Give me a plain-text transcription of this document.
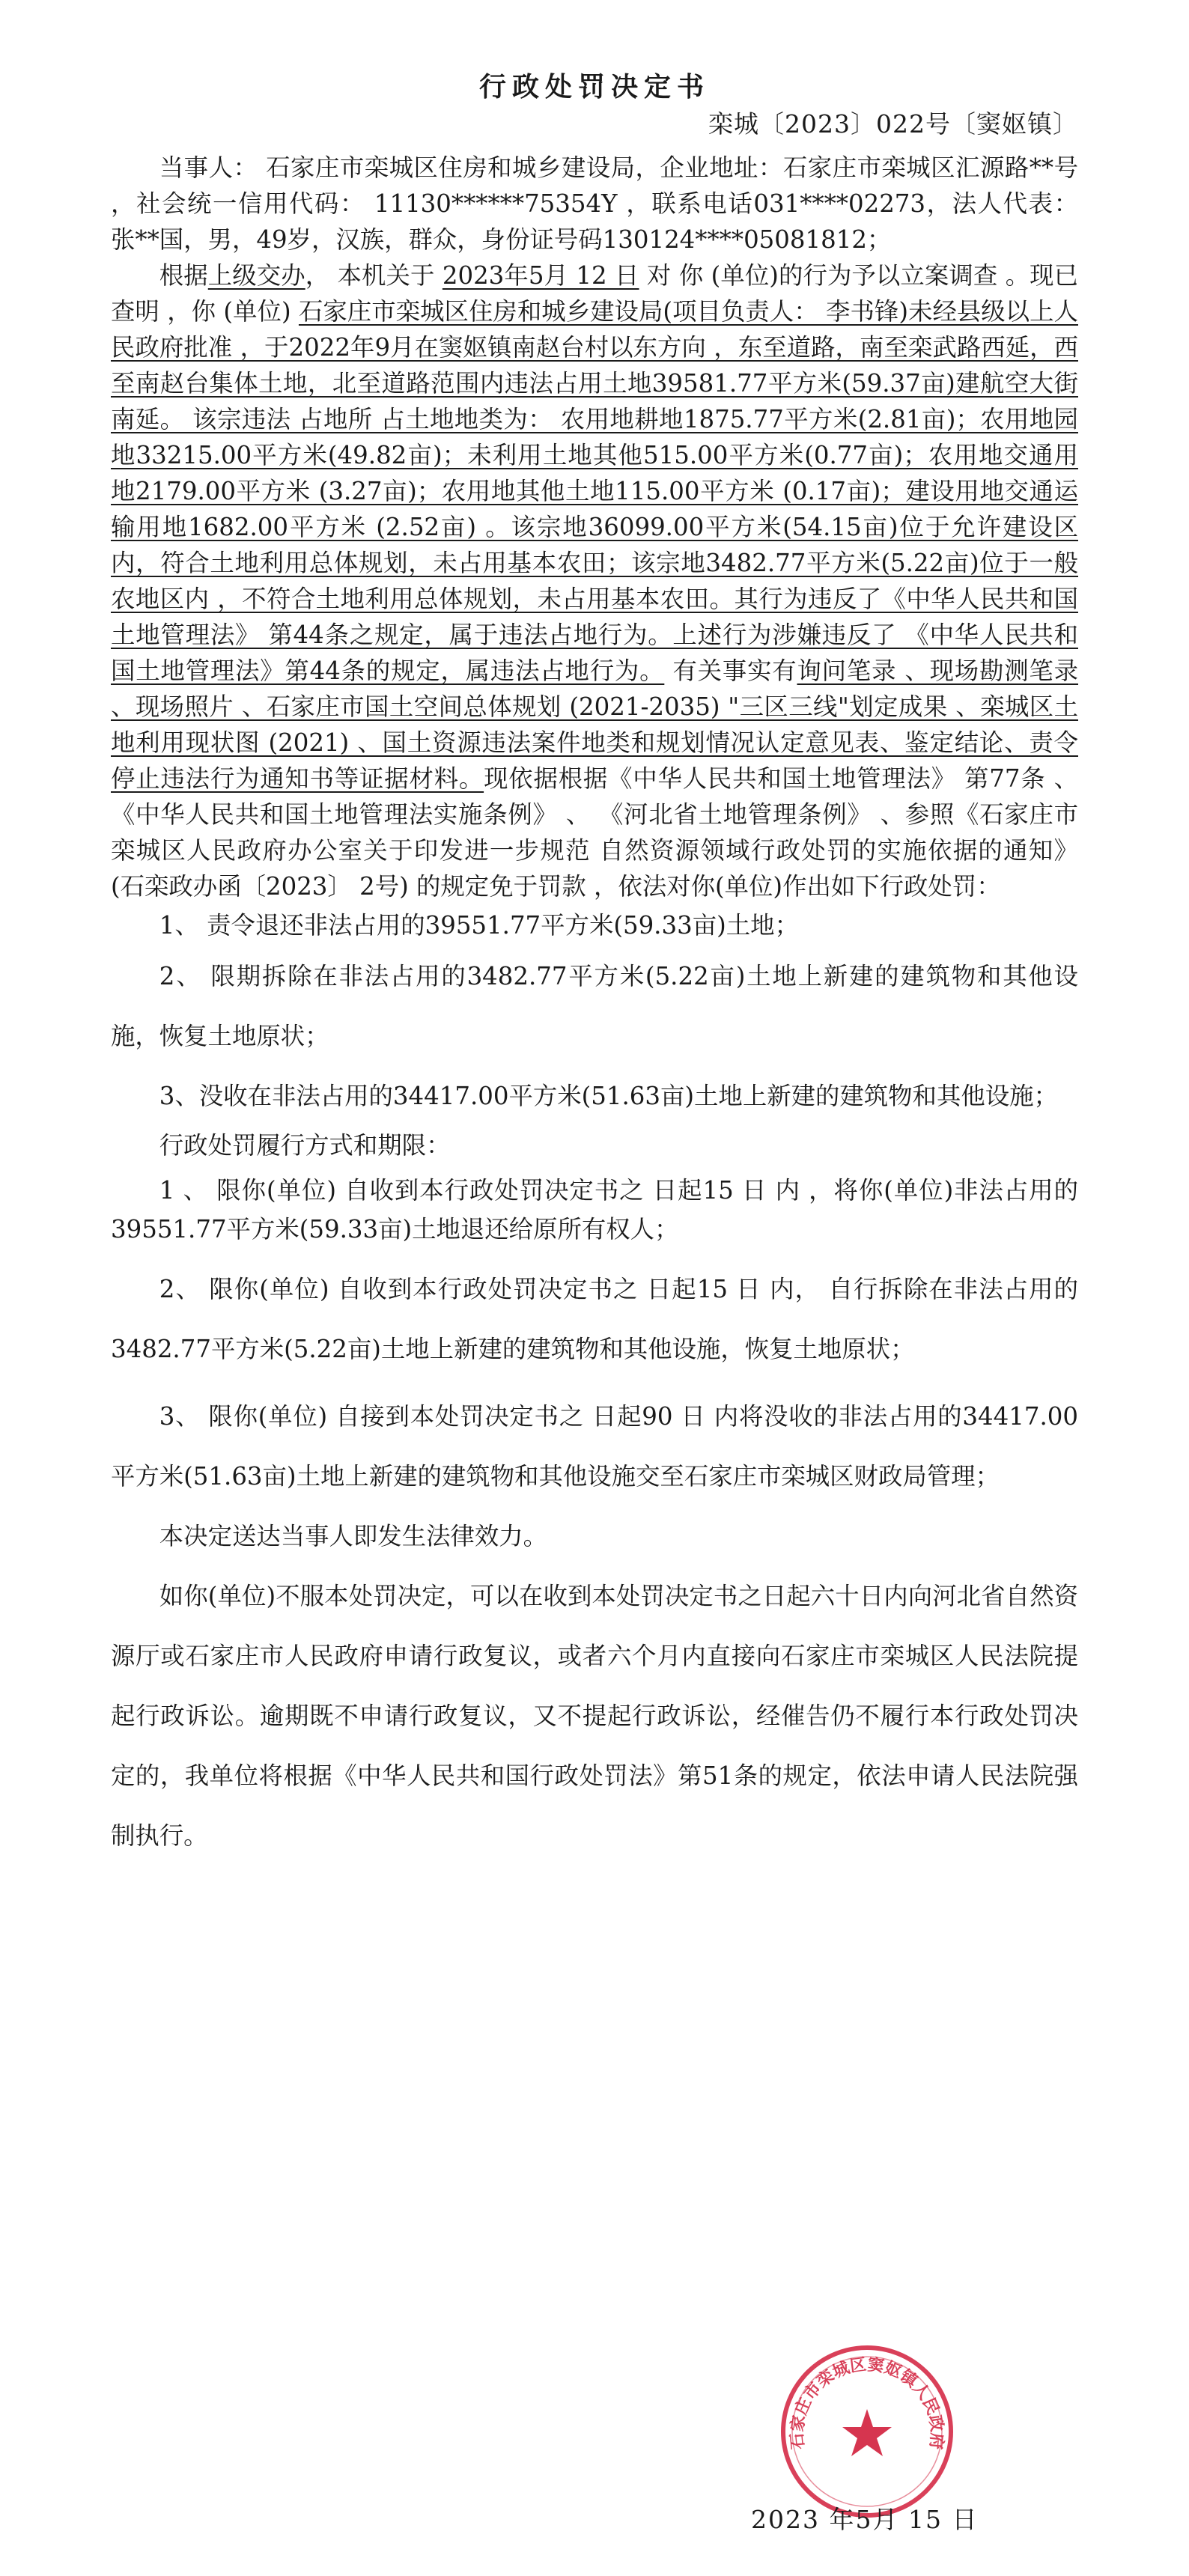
行政处罚决定书
栾城〔2023〕022号〔窦妪镇〕

当事人： 石家庄市栾城区住房和城乡建设局，企业地址：石家庄市栾城区汇源路**号 ，社会统一信用代码： 11130******75354Y ，联系电话031****02273，法人代表： 张**国，男，49岁，汉族，群众，身份证号码130124****05081812；

根据上级交办， 本机关于 2023年5月 12 日 对 你 (单位)的行为予以立案调查 。现已查明 ，你 (单位) 石家庄市栾城区住房和城乡建设局(项目负责人： 李书锋)未经县级以上人民政府批准 ，于2022年9月在窦妪镇南赵台村以东方向 ，东至道路，南至栾武路西延，西至南赵台集体土地，北至道路范围内违法占用土地39581.77平方米(59.37亩)建航空大街南延。 该宗违法 占地所 占土地地类为： 农用地耕地1875.77平方米(2.81亩)；农用地园地33215.00平方米(49.82亩)；未利用土地其他515.00平方米(0.77亩)；农用地交通用地2179.00平方米 (3.27亩)；农用地其他土地115.00平方米 (0.17亩)；建设用地交通运输用地1682.00平方米 (2.52亩) 。该宗地36099.00平方米(54.15亩)位于允许建设区内，符合土地利用总体规划，未占用基本农田；该宗地3482.77平方米(5.22亩)位于一般农地区内 ，不符合土地利用总体规划，未占用基本农田。其行为违反了《中华人民共和国土地管理法》 第44条之规定，属于违法占地行为。上述行为涉嫌违反了 《中华人民共和国土地管理法》第44条的规定，属违法占地行为。 有关事实有询问笔录 、现场勘测笔录 、现场照片 、石家庄市国土空间总体规划 (2021-2035) "三区三线"划定成果 、栾城区土地利用现状图 (2021) 、国土资源违法案件地类和规划情况认定意见表、鉴定结论、责令停止违法行为通知书等证据材料。现依据根据《中华人民共和国土地管理法》 第77条 、 《中华人民共和国土地管理法实施条例》 、 《河北省土地管理条例》 、参照《石家庄市栾城区人民政府办公室关于印发进一步规范 自然资源领域行政处罚的实施依据的通知》 (石栾政办函〔2023〕 2号) 的规定免于罚款 ，依法对你(单位)作出如下行政处罚：

1、 责令退还非法占用的39551.77平方米(59.33亩)土地；

2、 限期拆除在非法占用的3482.77平方米(5.22亩)土地上新建的建筑物和其他设施，恢复土地原状；

3、没收在非法占用的34417.00平方米(51.63亩)土地上新建的建筑物和其他设施；

行政处罚履行方式和期限：

1 、 限你(单位) 自收到本行政处罚决定书之 日起15 日 内 ，将你(单位)非法占用的39551.77平方米(59.33亩)土地退还给原所有权人；

2、 限你(单位) 自收到本行政处罚决定书之 日起15 日 内， 自行拆除在非法占用的3482.77平方米(5.22亩)土地上新建的建筑物和其他设施，恢复土地原状；

3、 限你(单位) 自接到本处罚决定书之 日起90 日 内将没收的非法占用的34417.00平方米(51.63亩)土地上新建的建筑物和其他设施交至石家庄市栾城区财政局管理；

本决定送达当事人即发生法律效力。

如你(单位)不服本处罚决定，可以在收到本处罚决定书之日起六十日内向河北省自然资源厅或石家庄市人民政府申请行政复议，或者六个月内直接向石家庄市栾城区人民法院提起行政诉讼。逾期既不申请行政复议，又不提起行政诉讼，经催告仍不履行本行政处罚决定的，我单位将根据《中华人民共和国行政处罚法》第51条的规定，依法申请人民法院强制执行。

石家庄市栾城区窦妪镇人民政府
2023 年5月 15 日
